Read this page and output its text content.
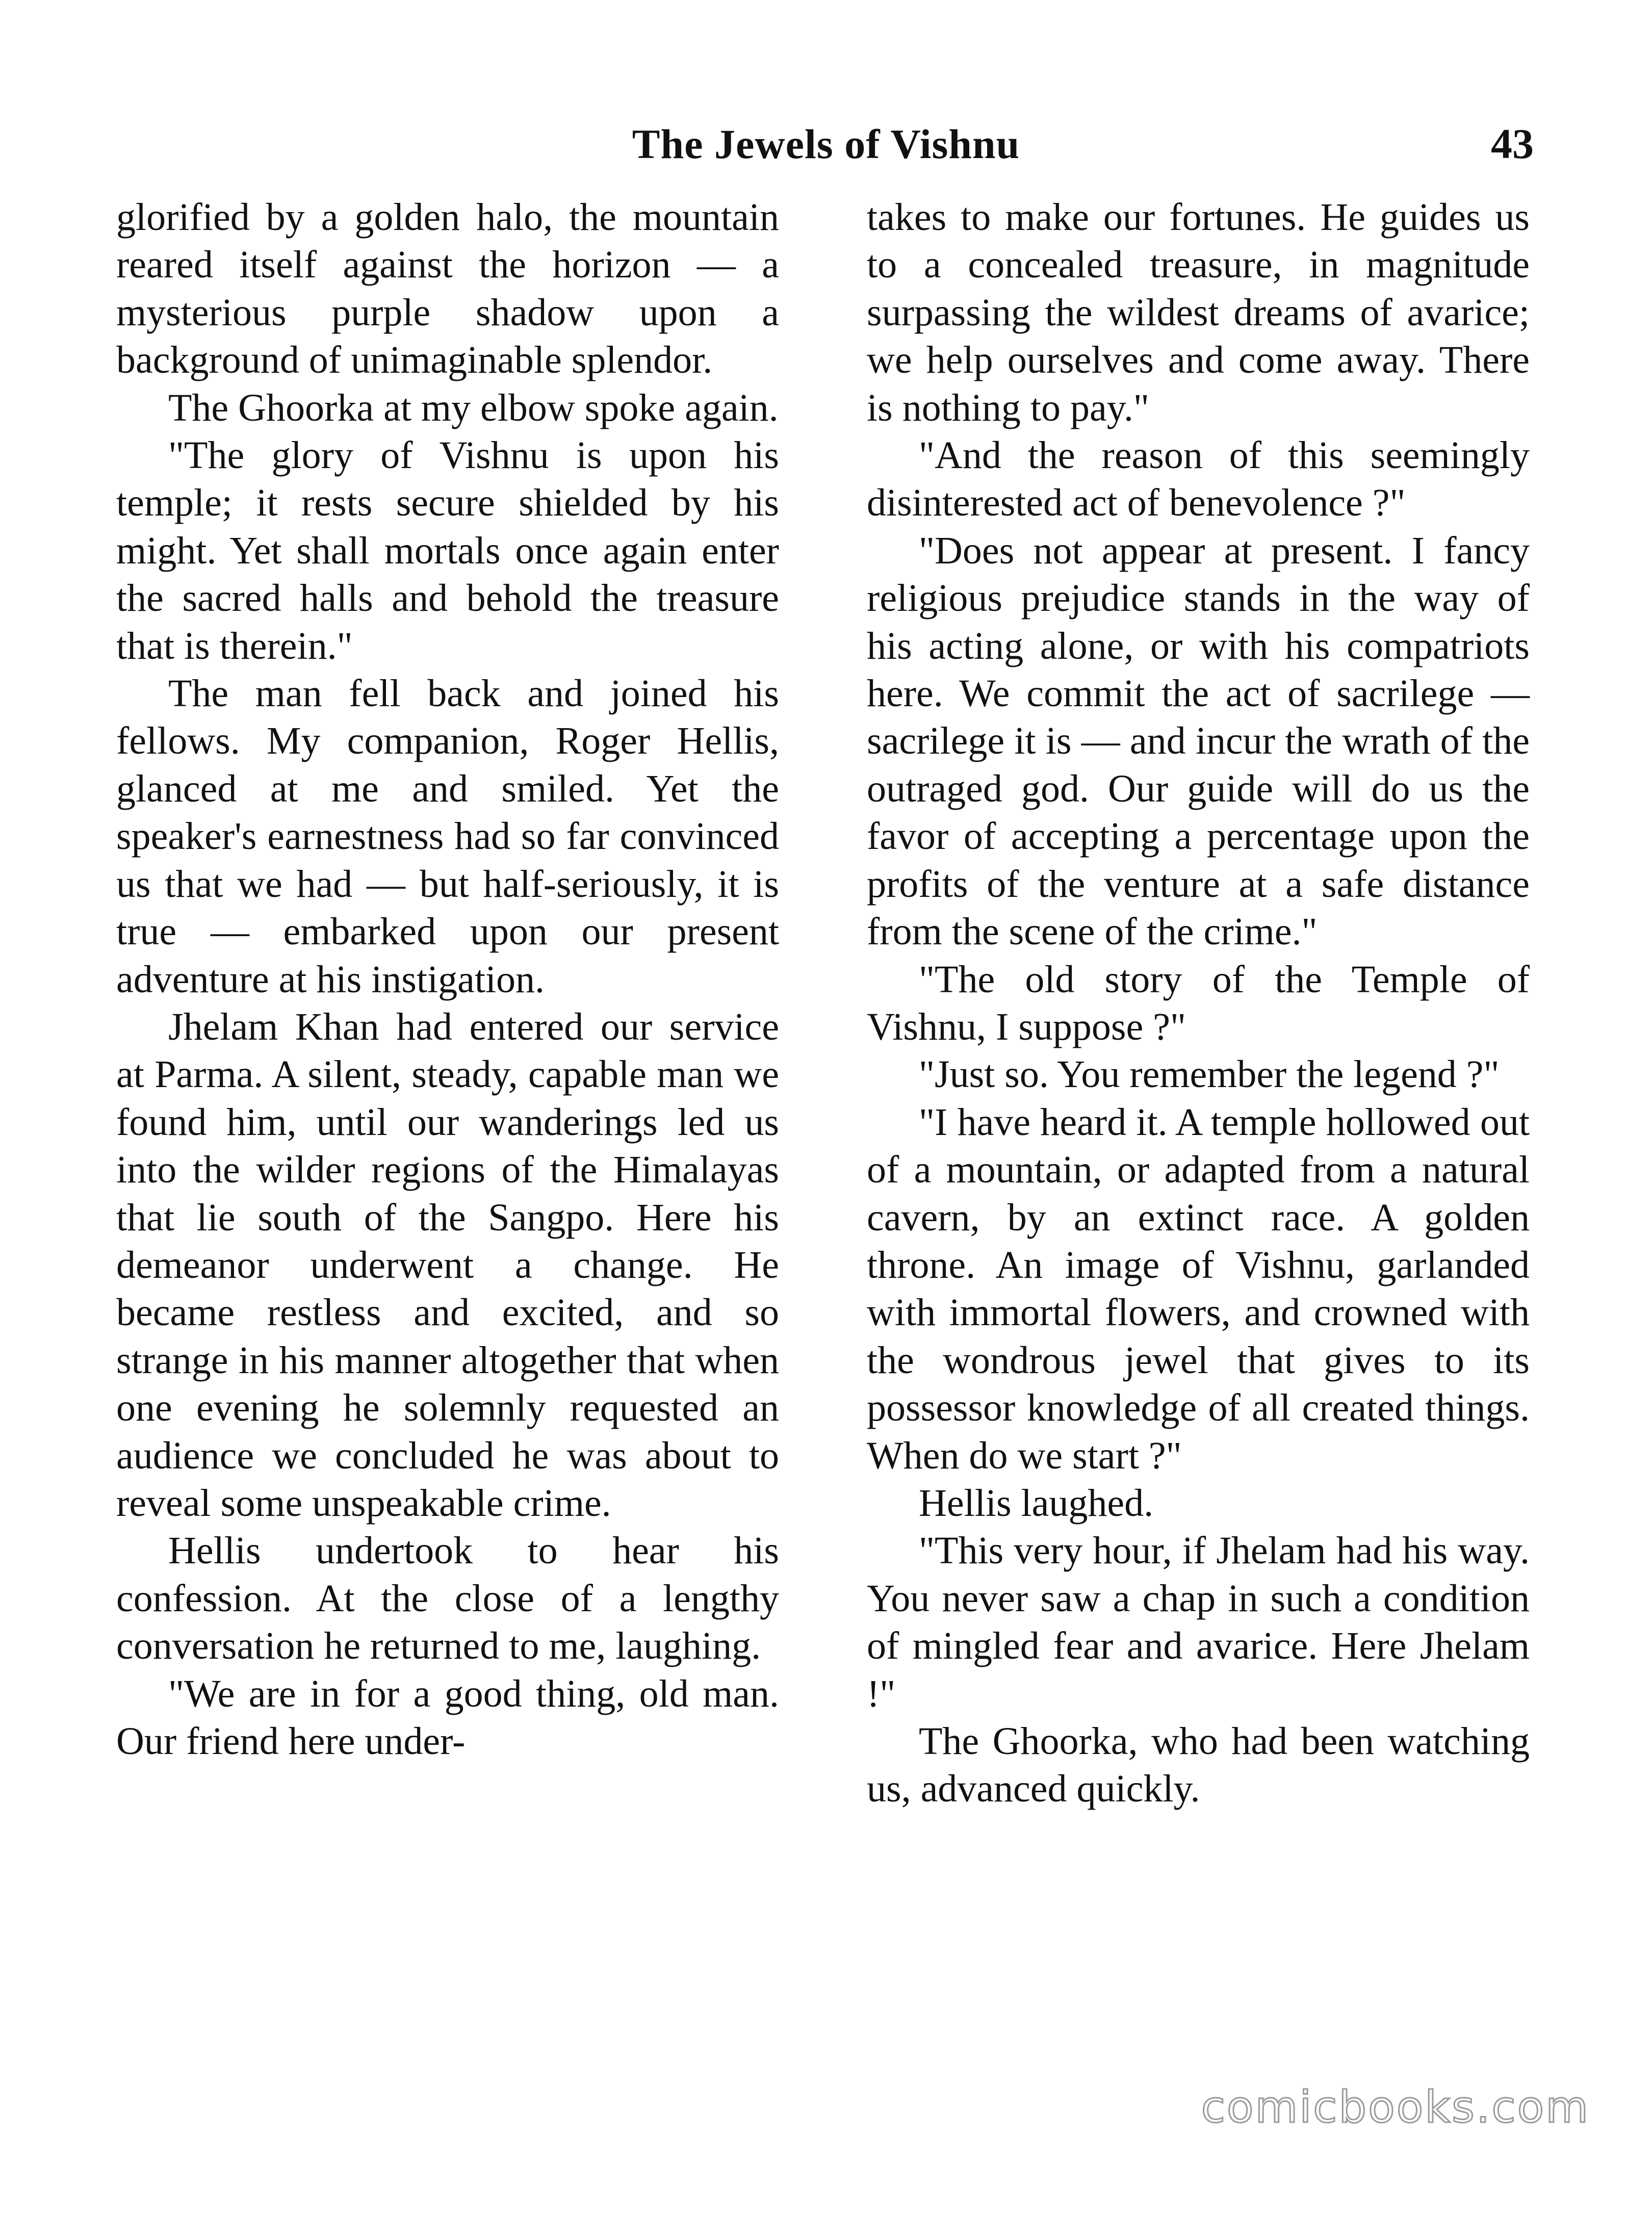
The Jewels of Vishnu	43

glorified by a golden halo, the mountain reared itself against the horizon — a mysterious purple shadow upon a background of unimaginable splendor.

The Ghoorka at my elbow spoke again.

"The glory of Vishnu is upon his temple; it rests secure shielded by his might. Yet shall mortals once again enter the sacred halls and behold the treasure that is therein."

The man fell back and joined his fellows. My companion, Roger Hellis, glanced at me and smiled. Yet the speaker's earnestness had so far convinced us that we had — but half-seriously, it is true — embarked upon our present adventure at his instigation.

Jhelam Khan had entered our service at Parma. A silent, steady, capable man we found him, until our wanderings led us into the wilder regions of the Himalayas that lie south of the Sangpo. Here his demeanor underwent a change. He became restless and excited, and so strange in his manner altogether that when one evening he solemnly requested an audience we concluded he was about to reveal some unspeakable crime.

Hellis undertook to hear his confession. At the close of a lengthy conversation he returned to me, laughing.

"We are in for a good thing, old man. Our friend here under-

takes to make our fortunes. He guides us to a concealed treasure, in magnitude surpassing the wildest dreams of avarice; we help ourselves and come away. There is nothing to pay."

"And the reason of this seemingly disinterested act of benevolence ?"

"Does not appear at present. I fancy religious prejudice stands in the way of his acting alone, or with his compatriots here. We commit the act of sacrilege — sacrilege it is — and incur the wrath of the outraged god. Our guide will do us the favor of accepting a percentage upon the profits of the venture at a safe distance from the scene of the crime."

"The old story of the Temple of Vishnu, I suppose ?"

"Just so. You remember the legend ?"

"I have heard it. A temple hollowed out of a mountain, or adapted from a natural cavern, by an extinct race. A golden throne. An image of Vishnu, garlanded with immortal flowers, and crowned with the wondrous jewel that gives to its possessor knowledge of all created things. When do we start ?"

Hellis laughed.

"This very hour, if Jhelam had his way. You never saw a chap in such a condition of mingled fear and avarice. Here Jhelam !"

The Ghoorka, who had been watching us, advanced quickly.

comicbooks.com
